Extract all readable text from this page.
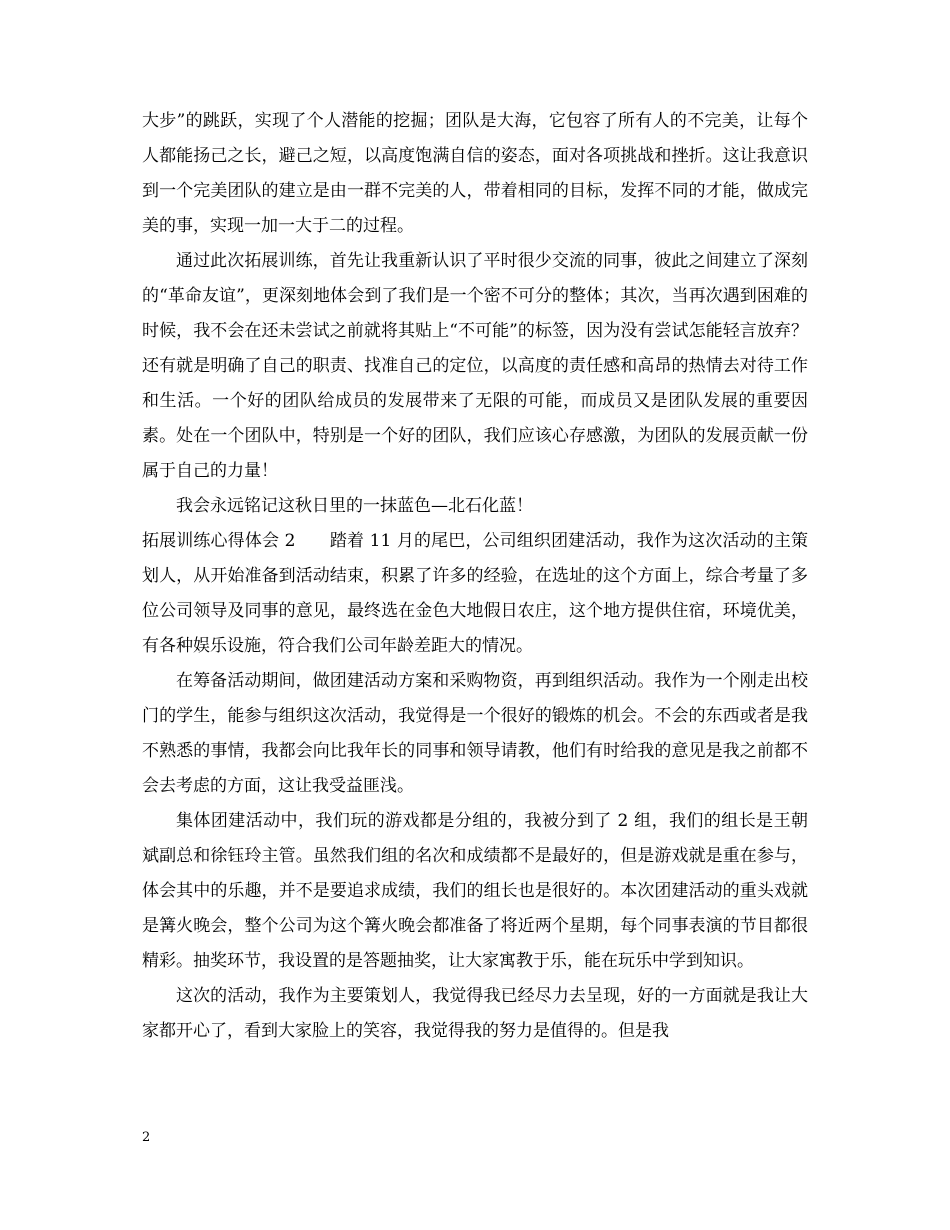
大步”的跳跃，实现了个人潜能的挖掘；团队是大海，它包容了所有人的不完美，让每个人都能扬己之长，避己之短，以高度饱满自信的姿态，面对各项挑战和挫折。这让我意识到一个完美团队的建立是由一群不完美的人，带着相同的目标，发挥不同的才能，做成完美的事，实现一加一大于二的过程。

通过此次拓展训练，首先让我重新认识了平时很少交流的同事，彼此之间建立了深刻的“革命友谊”，更深刻地体会到了我们是一个密不可分的整体；其次，当再次遇到困难的时候，我不会在还未尝试之前就将其贴上“不可能”的标签，因为没有尝试怎能轻言放弃？还有就是明确了自己的职责、找准自己的定位，以高度的责任感和高昂的热情去对待工作和生活。一个好的团队给成员的发展带来了无限的可能，而成员又是团队发展的重要因素。处在一个团队中，特别是一个好的团队，我们应该心存感激，为团队的发展贡献一份属于自己的力量！

我会永远铭记这秋日里的一抹蓝色—北石化蓝！

拓展训练心得体会 2　　踏着 11 月的尾巴，公司组织团建活动，我作为这次活动的主策划人，从开始准备到活动结束，积累了许多的经验，在选址的这个方面上，综合考量了多位公司领导及同事的意见，最终选在金色大地假日农庄，这个地方提供住宿，环境优美，有各种娱乐设施，符合我们公司年龄差距大的情况。

在筹备活动期间，做团建活动方案和采购物资，再到组织活动。我作为一个刚走出校门的学生，能参与组织这次活动，我觉得是一个很好的锻炼的机会。不会的东西或者是我不熟悉的事情，我都会向比我年长的同事和领导请教，他们有时给我的意见是我之前都不会去考虑的方面，这让我受益匪浅。

集体团建活动中，我们玩的游戏都是分组的，我被分到了 2 组，我们的组长是王朝斌副总和徐钰玲主管。虽然我们组的名次和成绩都不是最好的，但是游戏就是重在参与，体会其中的乐趣，并不是要追求成绩，我们的组长也是很好的。本次团建活动的重头戏就是篝火晚会，整个公司为这个篝火晚会都准备了将近两个星期，每个同事表演的节目都很精彩。抽奖环节，我设置的是答题抽奖，让大家寓教于乐，能在玩乐中学到知识。

这次的活动，我作为主要策划人，我觉得我已经尽力去呈现，好的一方面就是我让大家都开心了，看到大家脸上的笑容，我觉得我的努力是值得的。但是我

2
